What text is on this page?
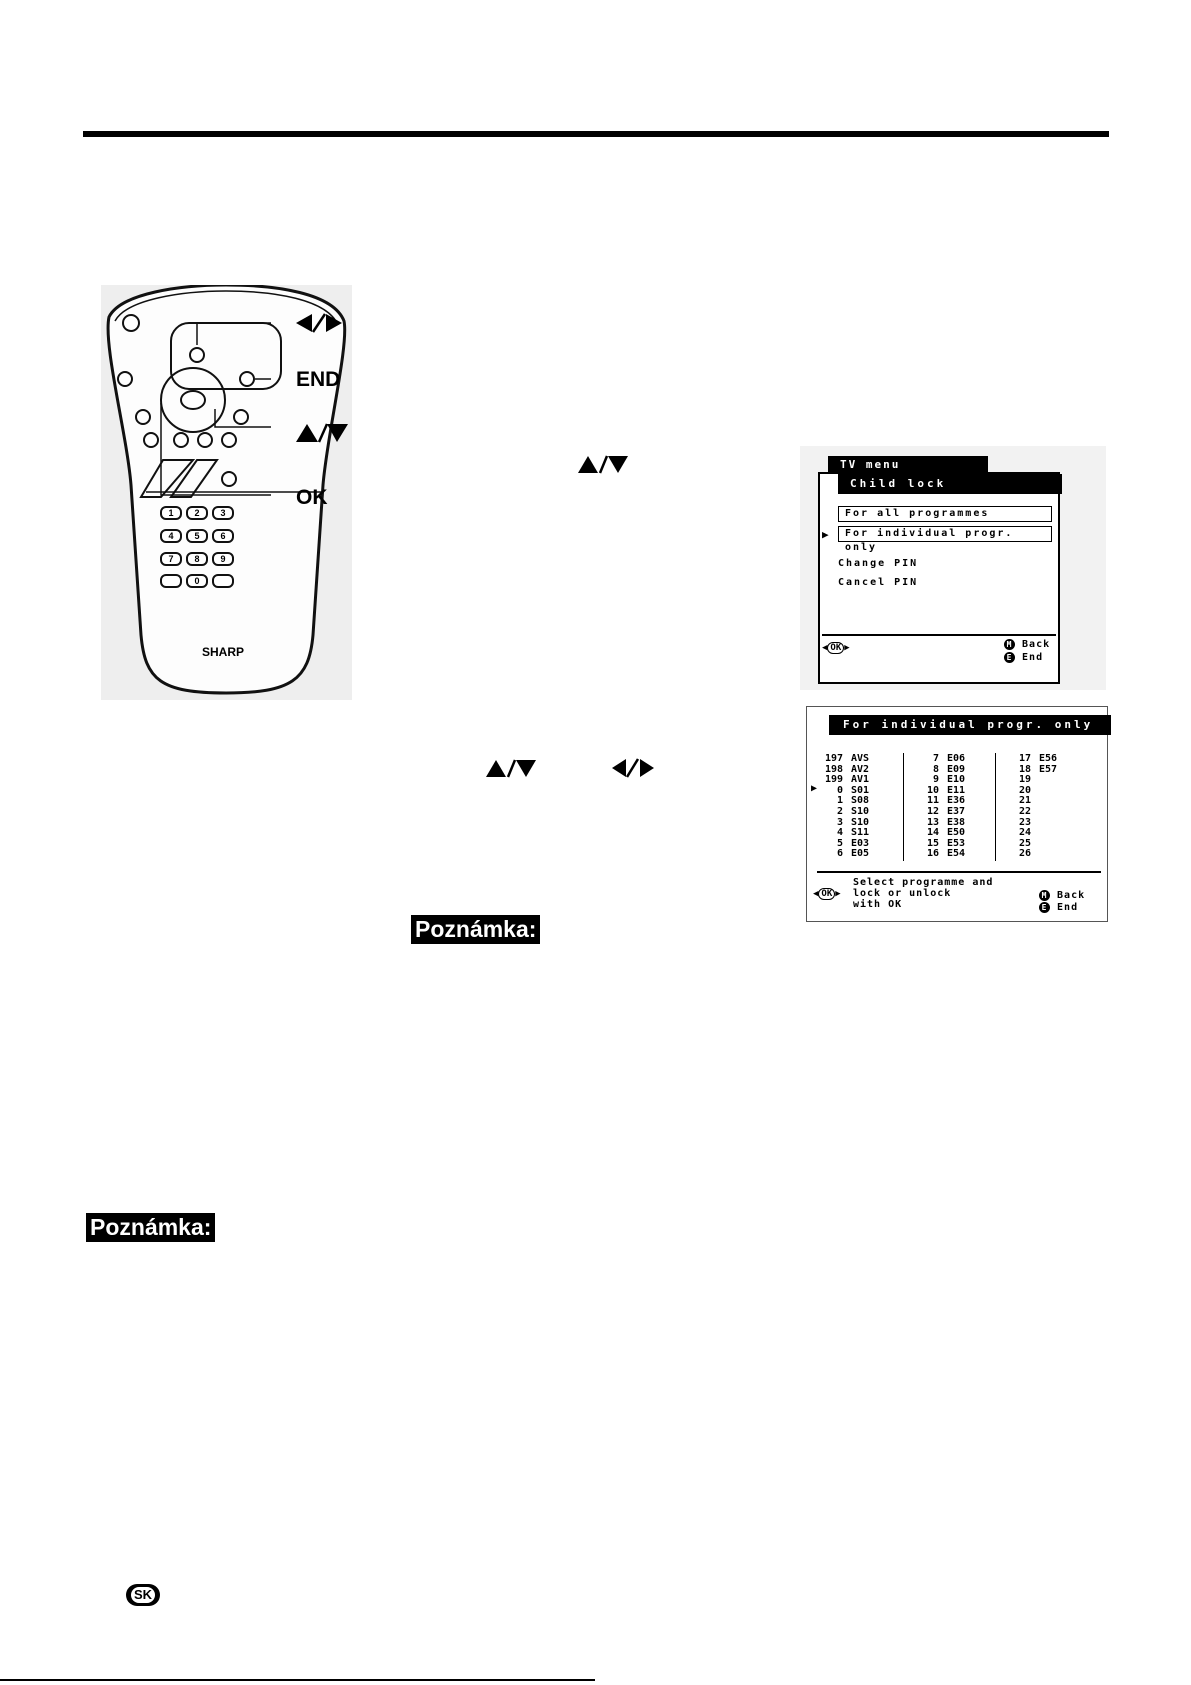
1 2 3
4 5 6
7 8 9
0
SHARP
END
OK
TV menu
Child lock
For all programmes
▶	For individual progr. only
Change PIN
Cancel PIN
◀ OK ▶	M Back
E End
For individual progr. only
197 AVS
198 AV2
199 AV1
0 S01
1 S08
2 S10
3 S10
4 S11
5 E03
6 E05
7 E06
8 E09
9 E10
10 E11
11 E36
12 E37
13 E38
14 E50
15 E53
16 E54
17 E56
18 E57
19
20
21
22
23
24
25
26
▶
◀ OK ▶
Select programme and
lock or unlock
with OK
M Back
E End
Poznámka:
Poznámka:
SK
